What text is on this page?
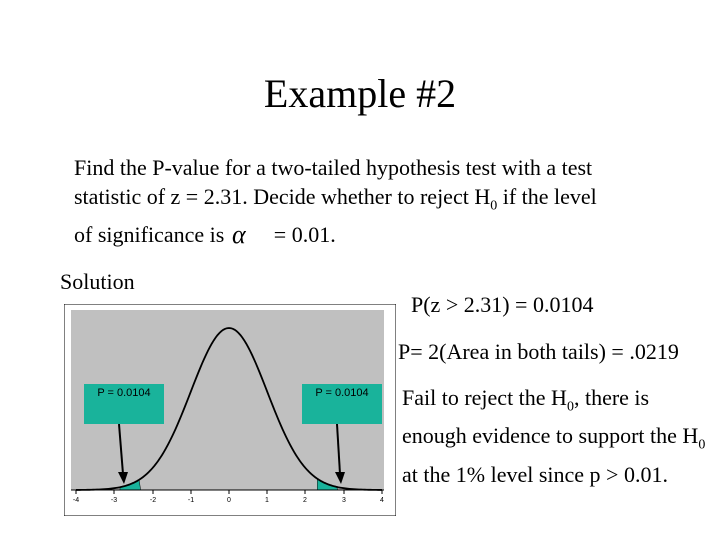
Example #2
Find the P-value for a two-tailed hypothesis test with a test
statistic of z = 2.31. Decide whether to reject $H_0$ if the level
of significance is α = 0.01.
Solution
P(z > 2.31) = 0.0104
P= 2(Area in both tails) = .0219
Fail to reject the $H_0$, there is enough evidence to support the $H_0$ at the 1% level since p > 0.01.
-4	-3	-2	-1	0	1	2	3	4
P = 0.0104	P = 0.0104
